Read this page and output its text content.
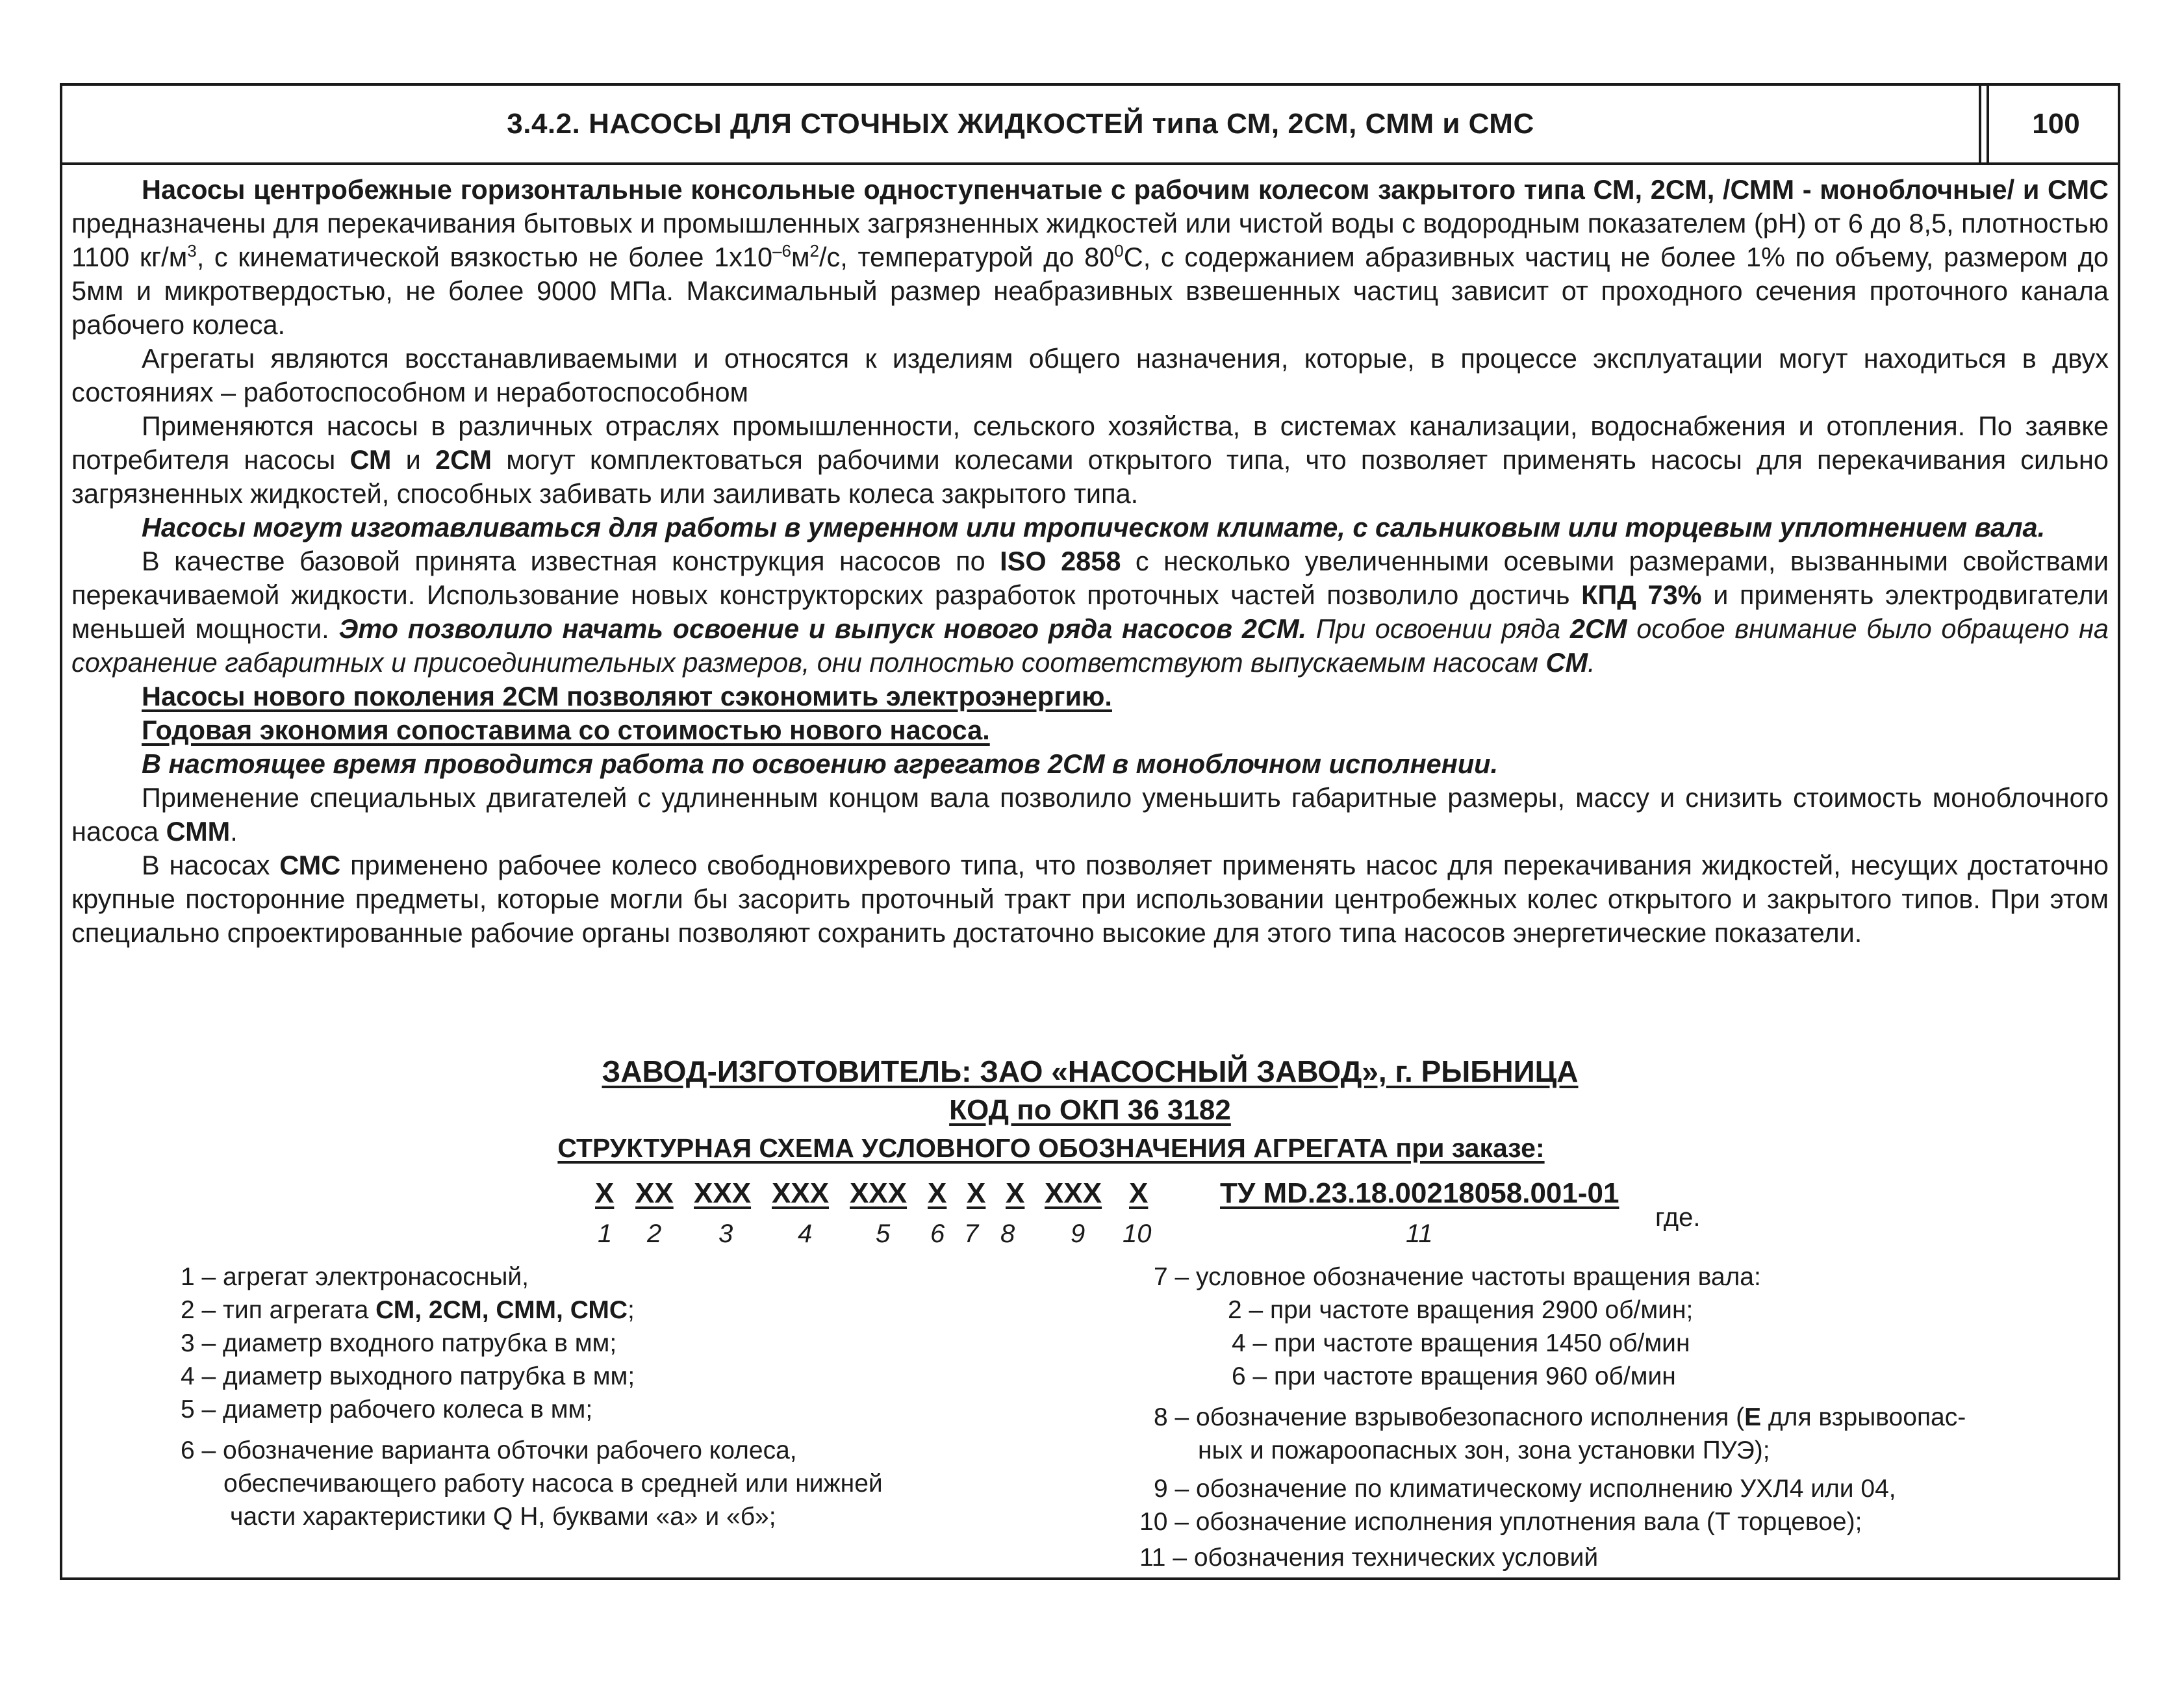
3.4.2. НАСОСЫ ДЛЯ СТОЧНЫХ ЖИДКОСТЕЙ типа СМ, 2СМ, СММ и СМС	100

Насосы центробежные горизонтальные консольные одноступенчатые с рабочим колесом закрытого типа СМ, 2СМ, /СММ - моноблочные/ и СМС предназначены для перекачивания бытовых и промышленных загрязненных жидкостей или чистой воды с водородным показателем (рН) от 6 до 8,5, плотностью 1100 $кг/м^3$, с кинематической вязкостью не более $1х10^{-6}м^2/с$, температурой до $80^0С$, с содержанием абразивных частиц не более 1% по объему, размером до 5мм и микротвердостью, не более 9000 МПа. Максимальный размер неабразивных взвешенных частиц зависит от проходного сечения проточного канала рабочего колеса.

Агрегаты являются восстанавливаемыми и относятся к изделиям общего назначения, которые, в процессе эксплуатации могут находиться в двух состояниях – работоспособном и неработоспособном

Применяются насосы в различных отраслях промышленности, сельского хозяйства, в системах канализации, водоснабжения и отопления. По заявке потребителя насосы СМ и 2СМ могут комплектоваться рабочими колесами открытого типа, что позволяет применять насосы для перекачивания сильно загрязненных жидкостей, способных забивать или заиливать колеса закрытого типа.

Насосы могут изготавливаться для работы в умеренном или тропическом климате, с сальниковым или торцевым уплотнением вала.

В качестве базовой принята известная конструкция насосов по ISO 2858 с несколько увеличенными осевыми размерами, вызванными свойствами перекачиваемой жидкости. Использование новых конструкторских разработок проточных частей позволило достичь КПД 73% и применять электродвигатели меньшей мощности. Это позволило начать освоение и выпуск нового ряда насосов 2СМ. При освоении ряда 2СМ особое внимание было обращено на сохранение габаритных и присоединительных размеров, они полностью соответствуют выпускаемым насосам СМ.

Насосы нового поколения 2СМ позволяют сэкономить электроэнергию.

Годовая экономия сопоставима со стоимостью нового насоса.

В настоящее время проводится работа по освоению агрегатов 2СМ в моноблочном исполнении.

Применение специальных двигателей с удлиненным концом вала позволило уменьшить габаритные размеры, массу и снизить стоимость моноблочного насоса СММ.

В насосах СМС применено рабочее колесо свободновихревого типа, что позволяет применять насос для перекачивания жидкостей, несущих достаточно крупные посторонние предметы, которые могли бы засорить проточный тракт при использовании центробежных колес открытого и закрытого типов. При этом специально спроектированные рабочие органы позволяют сохранить достаточно высокие для этого типа насосов энергетические показатели.

ЗАВОД-ИЗГОТОВИТЕЛЬ: ЗАО «НАСОСНЫЙ ЗАВОД», г. РЫБНИЦА
КОД по ОКП 36 3182
СТРУКТУРНАЯ СХЕМА УСЛОВНОГО ОБОЗНАЧЕНИЯ АГРЕГАТА при заказе:
X XX XXX XXX XXX X X X XXX X	ТУ MD.23.18.00218058.001-01
1 2 3 4 5 6 7 8 9 10	11
где.
1 – агрегат электронасосный,
2 – тип агрегата СМ, 2СМ, СММ, СМС;
3 – диаметр входного патрубка в мм;
4 – диаметр выходного патрубка в мм;
5 – диаметр рабочего колеса в мм;
6 – обозначение варианта обточки рабочего колеса,
обеспечивающего работу насоса в средней или нижней
части характеристики Q H, буквами «а» и «б»;
7 – условное обозначение частоты вращения вала:
2 – при частоте вращения 2900 об/мин;
4 – при частоте вращения 1450 об/мин
6 – при частоте вращения 960 об/мин
8 – обозначение взрывобезопасного исполнения (Е для взрывоопас-
ных и пожароопасных зон, зона установки ПУЭ);
9 – обозначение по климатическому исполнению УХЛ4 или 04,
10 – обозначение исполнения уплотнения вала (Т торцевое);
11 – обозначения технических условий
